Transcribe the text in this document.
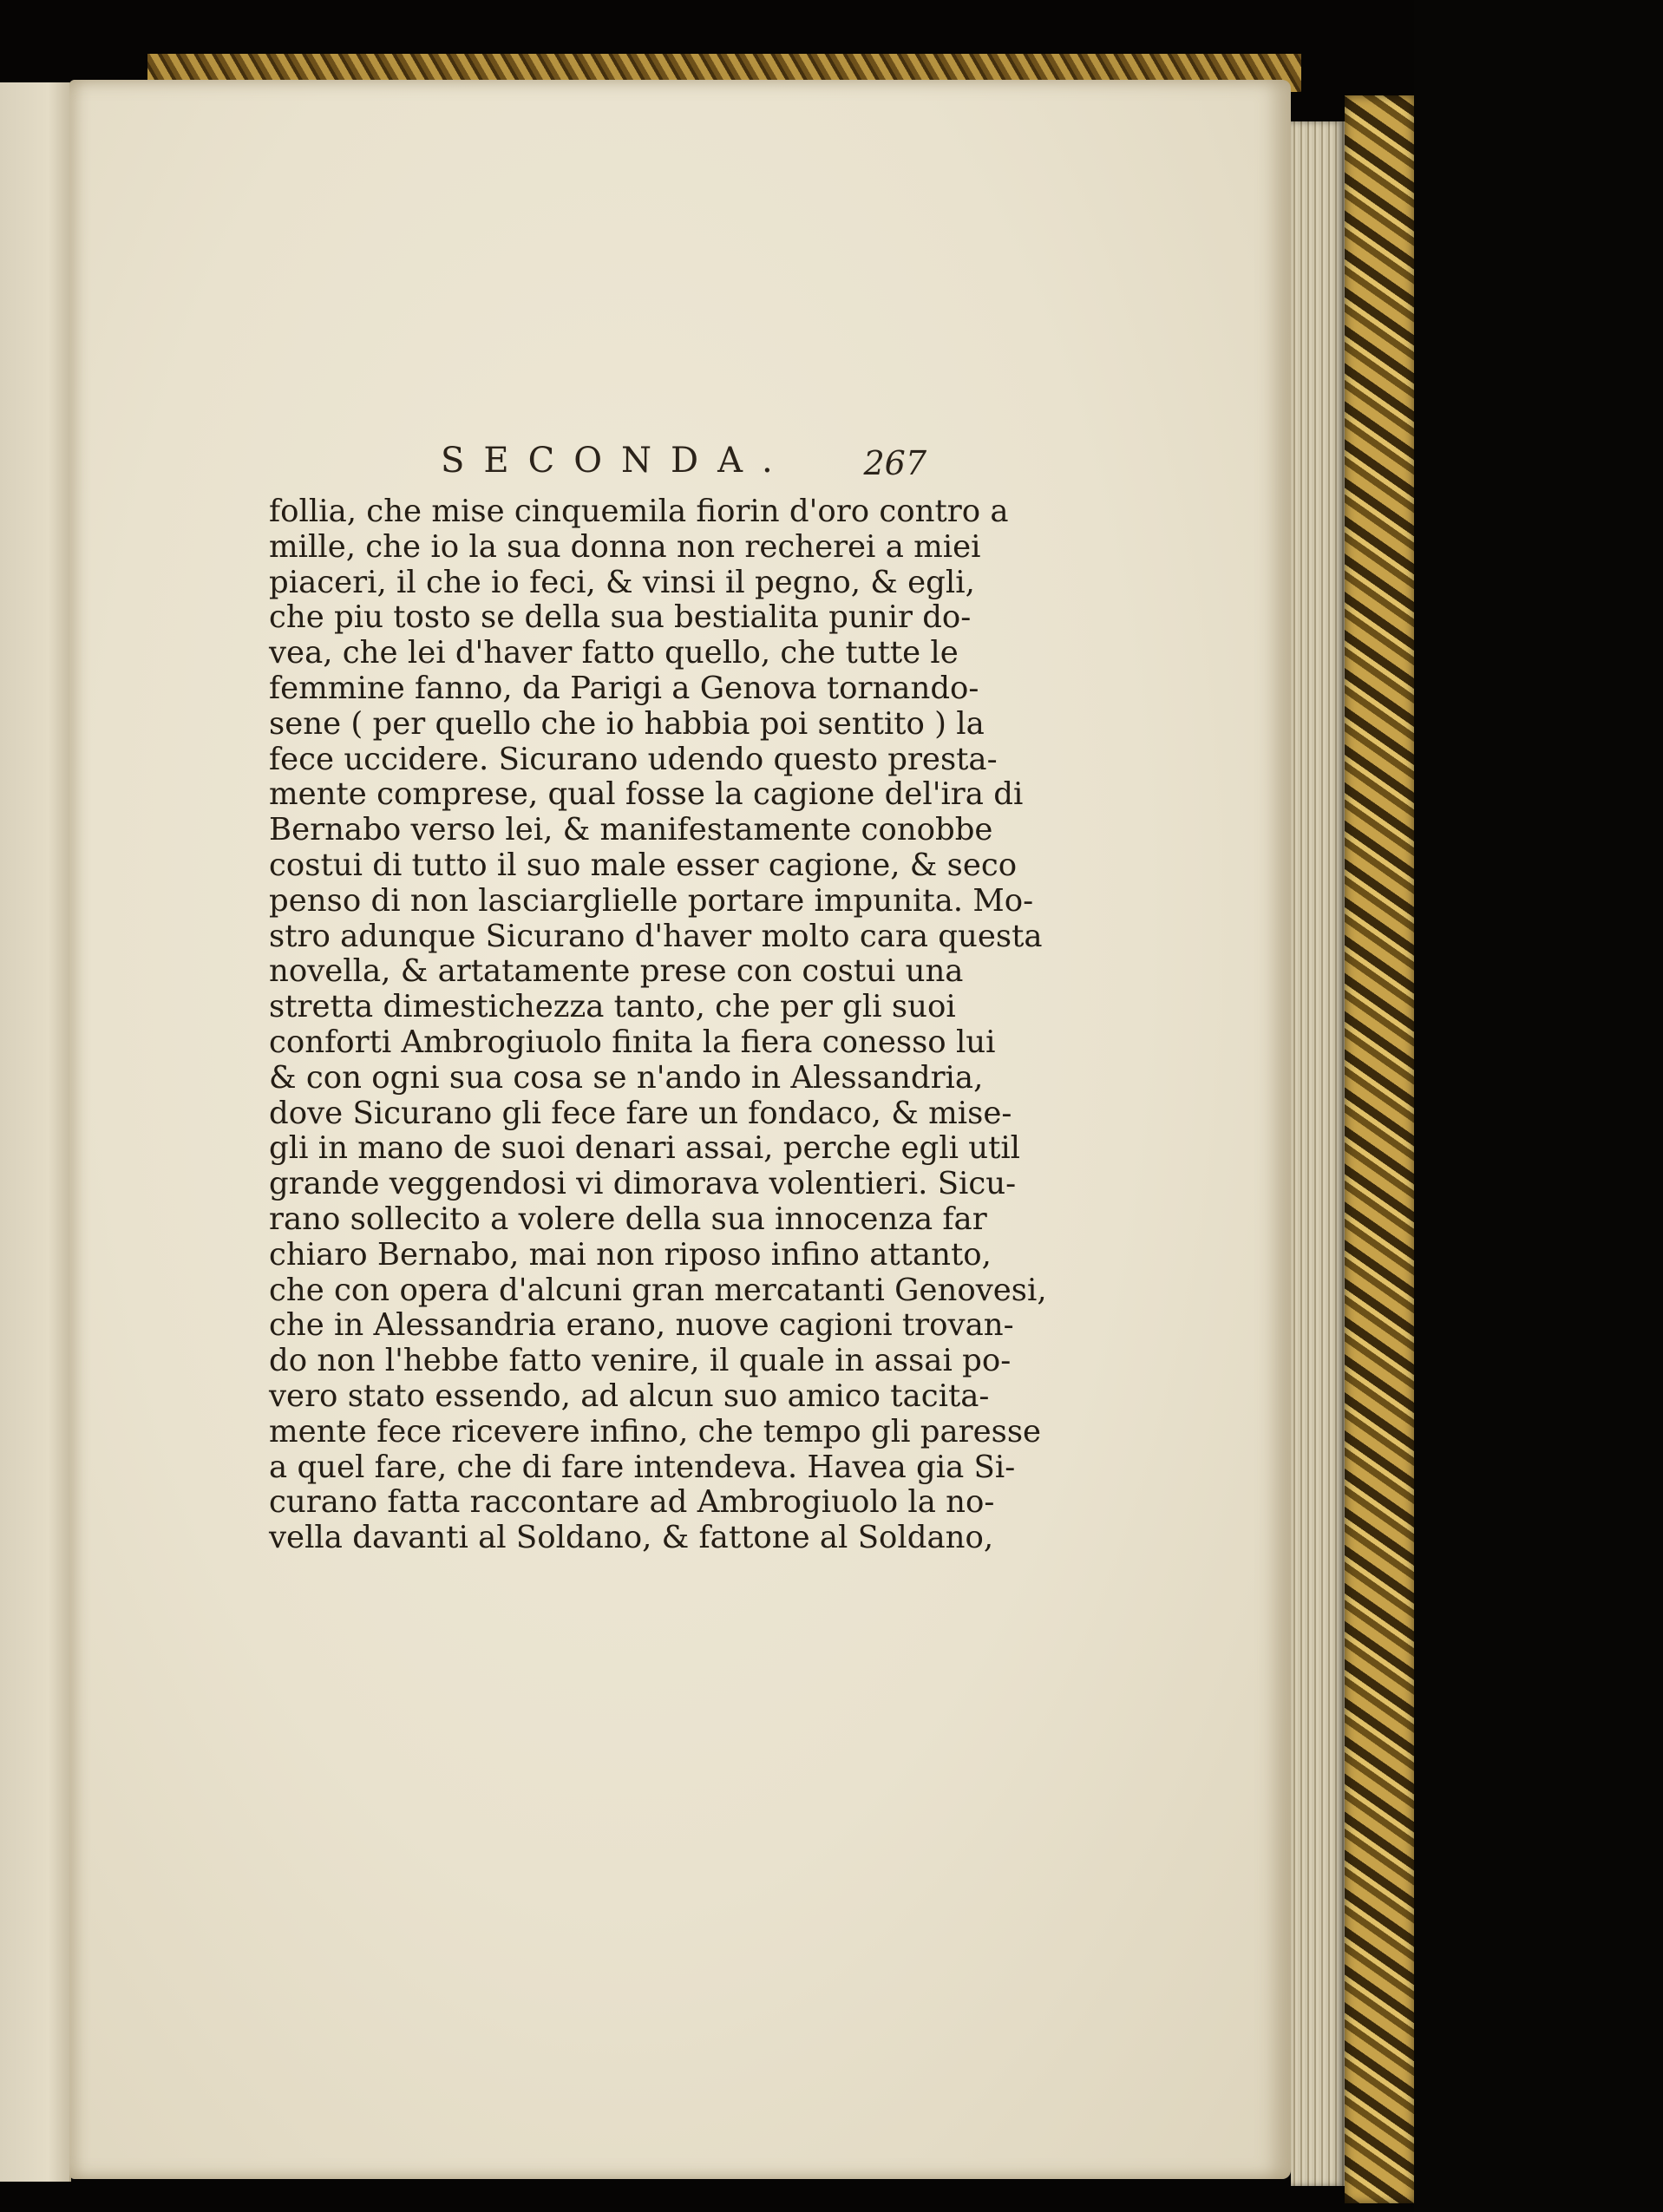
SECONDA. 267
follia, che mise cinquemila fiorin d'oro contro a
mille, che io la sua donna non recherei a miei
piaceri, il che io feci, & vinsi il pegno, & egli,
che piu tosto se della sua bestialita punir do-
vea, che lei d'haver fatto quello, che tutte le
femmine fanno, da Parigi a Genova tornando-
sene ( per quello che io habbia poi sentito ) la
fece uccidere. Sicurano udendo questo presta-
mente comprese, qual fosse la cagione del'ira di
Bernabo verso lei, & manifestamente conobbe
costui di tutto il suo male esser cagione, & seco
penso di non lasciarglielle portare impunita. Mo-
stro adunque Sicurano d'haver molto cara questa
novella, & artatamente prese con costui una
stretta dimestichezza tanto, che per gli suoi
conforti Ambrogiuolo finita la fiera conesso lui
& con ogni sua cosa se n'ando in Alessandria,
dove Sicurano gli fece fare un fondaco, & mise-
gli in mano de suoi denari assai, perche egli util
grande veggendosi vi dimorava volentieri. Sicu-
rano sollecito a volere della sua innocenza far
chiaro Bernabo, mai non riposo infino attanto,
che con opera d'alcuni gran mercatanti Genovesi,
che in Alessandria erano, nuove cagioni trovan-
do non l'hebbe fatto venire, il quale in assai po-
vero stato essendo, ad alcun suo amico tacita-
mente fece ricevere infino, che tempo gli paresse
a quel fare, che di fare intendeva. Havea gia Si-
curano fatta raccontare ad Ambrogiuolo la no-
vella davanti al Soldano, & fattone al Soldano,
